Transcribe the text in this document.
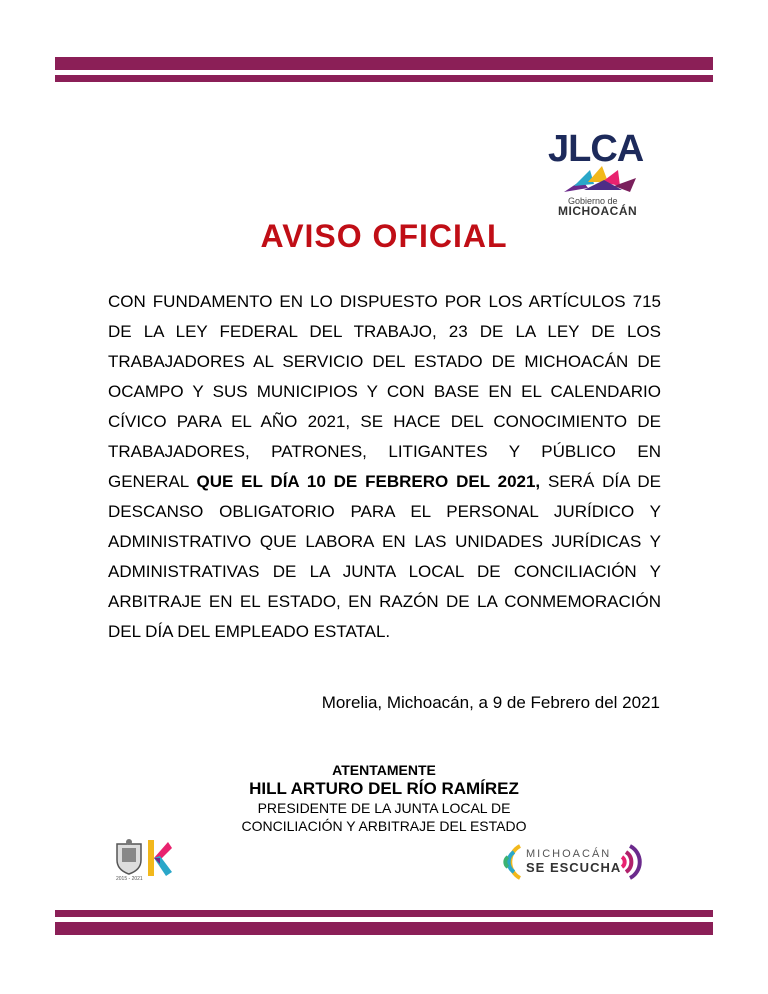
JLCA
Gobierno de
MICHOACÁN
AVISO OFICIAL
CON FUNDAMENTO EN LO DISPUESTO POR LOS ARTÍCULOS 715 DE LA LEY FEDERAL DEL TRABAJO, 23 DE LA LEY DE LOS TRABAJADORES AL SERVICIO DEL ESTADO DE MICHOACÁN DE OCAMPO Y SUS MUNICIPIOS Y CON BASE EN EL CALENDARIO CÍVICO PARA EL AÑO 2021, SE HACE DEL CONOCIMIENTO DE TRABAJADORES, PATRONES, LITIGANTES Y PÚBLICO EN GENERAL QUE EL DÍA 10 DE FEBRERO DEL 2021, SERÁ DÍA DE DESCANSO OBLIGATORIO PARA EL PERSONAL JURÍDICO Y ADMINISTRATIVO QUE LABORA EN LAS UNIDADES JURÍDICAS Y ADMINISTRATIVAS DE LA JUNTA LOCAL DE CONCILIACIÓN Y ARBITRAJE EN EL ESTADO, EN RAZÓN DE LA CONMEMORACIÓN DEL DÍA DEL EMPLEADO ESTATAL.
Morelia, Michoacán, a 9 de Febrero del 2021
ATENTAMENTE
HILL ARTURO DEL RÍO RAMÍREZ
PRESIDENTE DE LA JUNTA LOCAL DE
CONCILIACIÓN Y ARBITRAJE DEL ESTADO
2015 - 2021
MICHOACÁN
SE ESCUCHA
